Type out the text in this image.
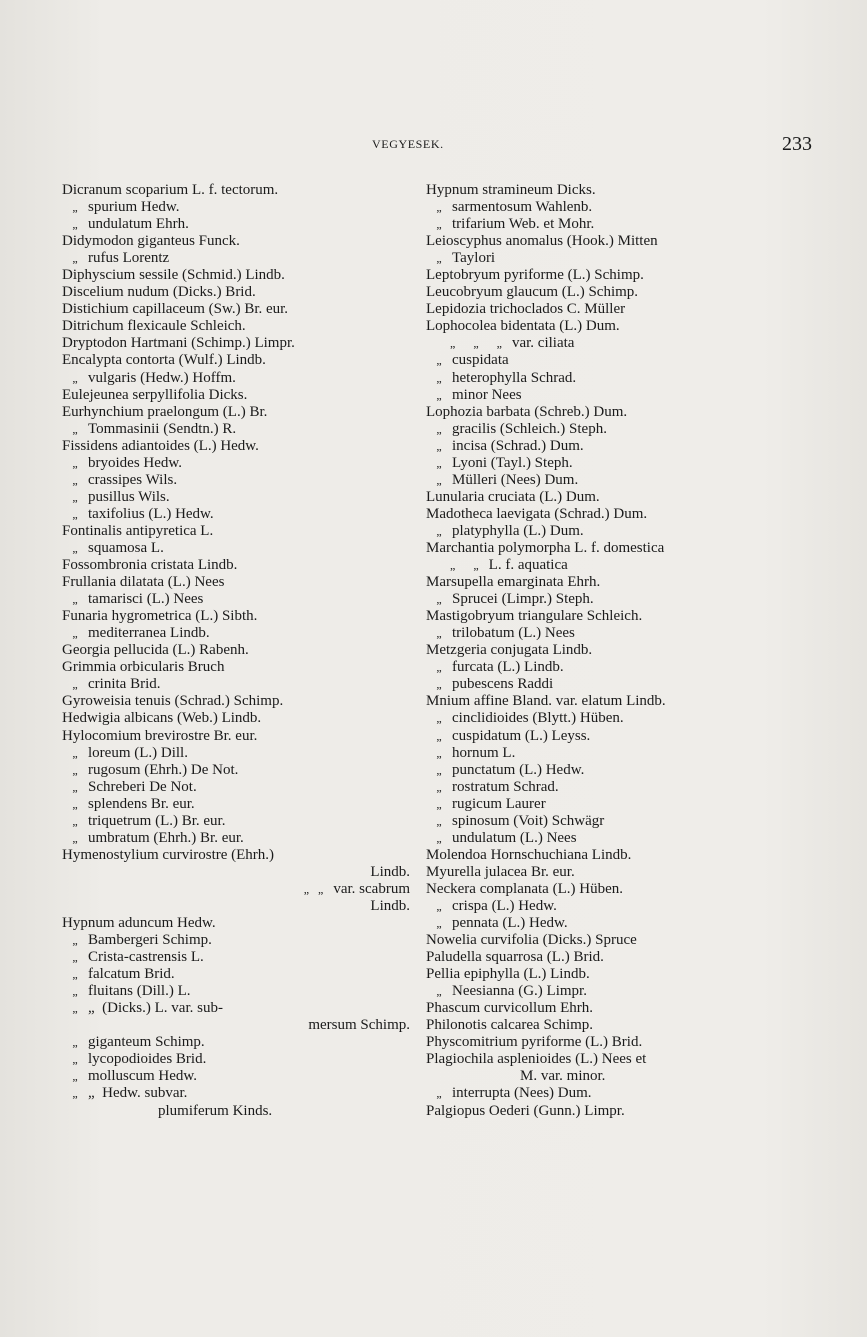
VEGYESEK.	233
Dicranum scoparium L. f. tectorum.
„ spurium Hedw.
„ undulatum Ehrh.
Didymodon giganteus Funck.
„ rufus Lorentz
Diphyscium sessile (Schmid.) Lindb.
Discelium nudum (Dicks.) Brid.
Distichium capillaceum (Sw.) Br. eur.
Ditrichum flexicaule Schleich.
Dryptodon Hartmani (Schimp.) Limpr.
Encalypta contorta (Wulf.) Lindb.
„ vulgaris (Hedw.) Hoffm.
Eulejeunea serpyllifolia Dicks.
Eurhynchium praelongum (L.) Br.
„ Tommasinii (Sendtn.) R.
Fissidens adiantoides (L.) Hedw.
„ bryoides Hedw.
„ crassipes Wils.
„ pusillus Wils.
„ taxifolius (L.) Hedw.
Fontinalis antipyretica L.
„ squamosa L.
Fossombronia cristata Lindb.
Frullania dilatata (L.) Nees
„ tamarisci (L.) Nees
Funaria hygrometrica (L.) Sibth.
„ mediterranea Lindb.
Georgia pellucida (L.) Rabenh.
Grimmia orbicularis Bruch
„ crinita Brid.
Gyroweisia tenuis (Schrad.) Schimp.
Hedwigia albicans (Web.) Lindb.
Hylocomium brevirostre Br. eur.
„ loreum (L.) Dill.
„ rugosum (Ehrh.) De Not.
„ Schreberi De Not.
„ splendens Br. eur.
„ triquetrum (L.) Br. eur.
„ umbratum (Ehrh.) Br. eur.
Hymenostylium curvirostre (Ehrh.)
Lindb.
„   „ var. scabrum
Lindb.
Hypnum aduncum Hedw.
„ Bambergeri Schimp.
„ Crista-castrensis L.
„ falcatum Brid.
„ fluitans (Dill.) L.
„ „  (Dicks.) L. var. sub-
mersum Schimp.
„ giganteum Schimp.
„ lycopodioides Brid.
„ molluscum Hedw.
„ „  Hedw. subvar.
plumiferum Kinds.
Hypnum stramineum Dicks.
„ sarmentosum Wahlenb.
„ trifarium Web. et Mohr.
Leioscyphus anomalus (Hook.) Mitten
„ Taylori
Leptobryum pyriforme (L.) Schimp.
Leucobryum glaucum (L.) Schimp.
Lepidozia trichoclados C. Müller
Lophocolea bidentata (L.) Dum.
„      „      „ var. ciliata
„ cuspidata
„ heterophylla Schrad.
„ minor Nees
Lophozia barbata (Schreb.) Dum.
„ gracilis (Schleich.) Steph.
„ incisa (Schrad.) Dum.
„ Lyoni (Tayl.) Steph.
„ Mülleri (Nees) Dum.
Lunularia cruciata (L.) Dum.
Madotheca laevigata (Schrad.) Dum.
„ platyphylla (L.) Dum.
Marchantia polymorpha L. f. domestica
„      „ L. f. aquatica
Marsupella emarginata Ehrh.
„ Sprucei (Limpr.) Steph.
Mastigobryum triangulare Schleich.
„ trilobatum (L.) Nees
Metzgeria conjugata Lindb.
„ furcata (L.) Lindb.
„ pubescens Raddi
Mnium affine Bland. var. elatum Lindb.
„ cinclidioides (Blytt.) Hüben.
„ cuspidatum (L.) Leyss.
„ hornum L.
„ punctatum (L.) Hedw.
„ rostratum Schrad.
„ rugicum Laurer
„ spinosum (Voit) Schwägr
„ undulatum (L.) Nees
Molendoa Hornschuchiana Lindb.
Myurella julacea Br. eur.
Neckera complanata (L.) Hüben.
„ crispa (L.) Hedw.
„ pennata (L.) Hedw.
Nowelia curvifolia (Dicks.) Spruce
Paludella squarrosa (L.) Brid.
Pellia epiphylla (L.) Lindb.
„ Neesianna (G.) Limpr.
Phascum curvicollum Ehrh.
Philonotis calcarea Schimp.
Physcomitrium pyriforme (L.) Brid.
Plagiochila asplenioides (L.) Nees et
M. var. minor.
„ interrupta (Nees) Dum.
Palgiopus Oederi (Gunn.) Limpr.
